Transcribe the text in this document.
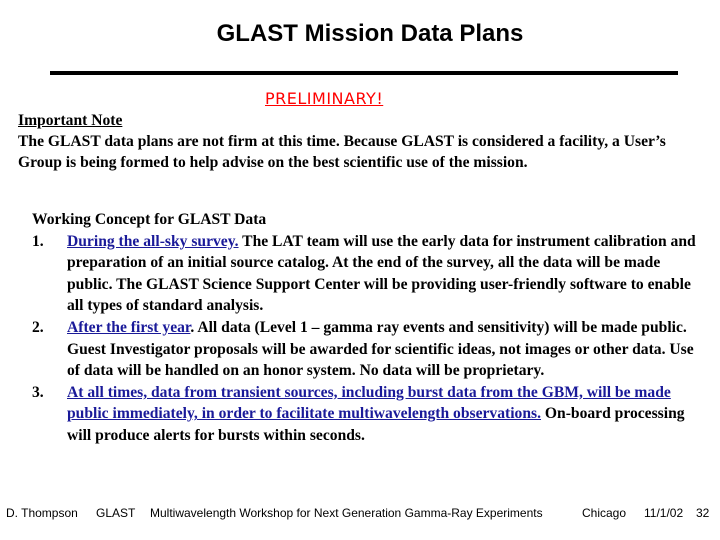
GLAST Mission Data Plans
PRELIMINARY!
Important Note
The GLAST data plans are not firm at this time. Because GLAST is considered a facility, a User’s Group is being formed to help advise on the best scientific use of the mission.
Working Concept for GLAST Data
1. During the all-sky survey. The LAT team will use the early data for instrument calibration and preparation of an initial source catalog. At the end of the survey, all the data will be made public. The GLAST Science Support Center will be providing user-friendly software to enable all types of standard analysis.
2. After the first year. All data (Level 1 – gamma ray events and sensitivity) will be made public. Guest Investigator proposals will be awarded for scientific ideas, not images or other data. Use of data will be handled on an honor system. No data will be proprietary.
3. At all times, data from transient sources, including burst data from the GBM, will be made public immediately, in order to facilitate multiwavelength observations. On-board processing will produce alerts for bursts within seconds.
D. Thompson GLAST Multiwavelength Workshop for Next Generation Gamma-Ray Experiments	Chicago 11/1/02 32
